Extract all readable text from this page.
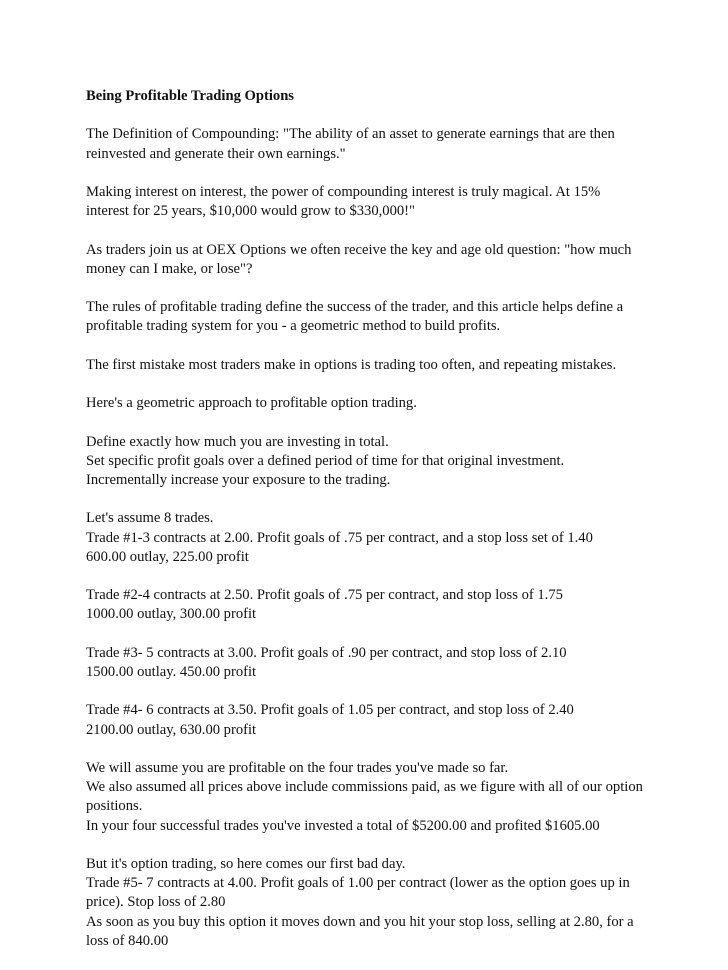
Being Profitable Trading Options
The Definition of Compounding: "The ability of an asset to generate earnings that are then reinvested and generate their own earnings."
Making interest on interest, the power of compounding interest is truly magical. At 15% interest for 25 years, $10,000 would grow to $330,000!"
As traders join us at OEX Options we often receive the key and age old question: "how much money can I make, or lose"?
The rules of profitable trading define the success of the trader, and this article helps define a profitable trading system for you - a geometric method to build profits.
The first mistake most traders make in options is trading too often, and repeating mistakes.
Here's a geometric approach to profitable option trading.
Define exactly how much you are investing in total.
Set specific profit goals over a defined period of time for that original investment.
Incrementally increase your exposure to the trading.
Let's assume 8 trades.
Trade #1-3 contracts at 2.00. Profit goals of .75 per contract, and a stop loss set of 1.40
600.00 outlay, 225.00 profit
Trade #2-4 contracts at 2.50. Profit goals of .75 per contract, and stop loss of 1.75
1000.00 outlay, 300.00 profit
Trade #3- 5 contracts at 3.00. Profit goals of .90 per contract, and stop loss of 2.10
1500.00 outlay. 450.00 profit
Trade #4- 6 contracts at 3.50. Profit goals of 1.05 per contract, and stop loss of 2.40
2100.00 outlay, 630.00 profit
We will assume you are profitable on the four trades you've made so far.
We also assumed all prices above include commissions paid, as we figure with all of our option positions.
In your four successful trades you've invested a total of $5200.00 and profited $1605.00
But it's option trading, so here comes our first bad day.
Trade #5- 7 contracts at 4.00. Profit goals of 1.00 per contract (lower as the option goes up in price). Stop loss of 2.80
As soon as you buy this option it moves down and you hit your stop loss, selling at 2.80, for a loss of 840.00
